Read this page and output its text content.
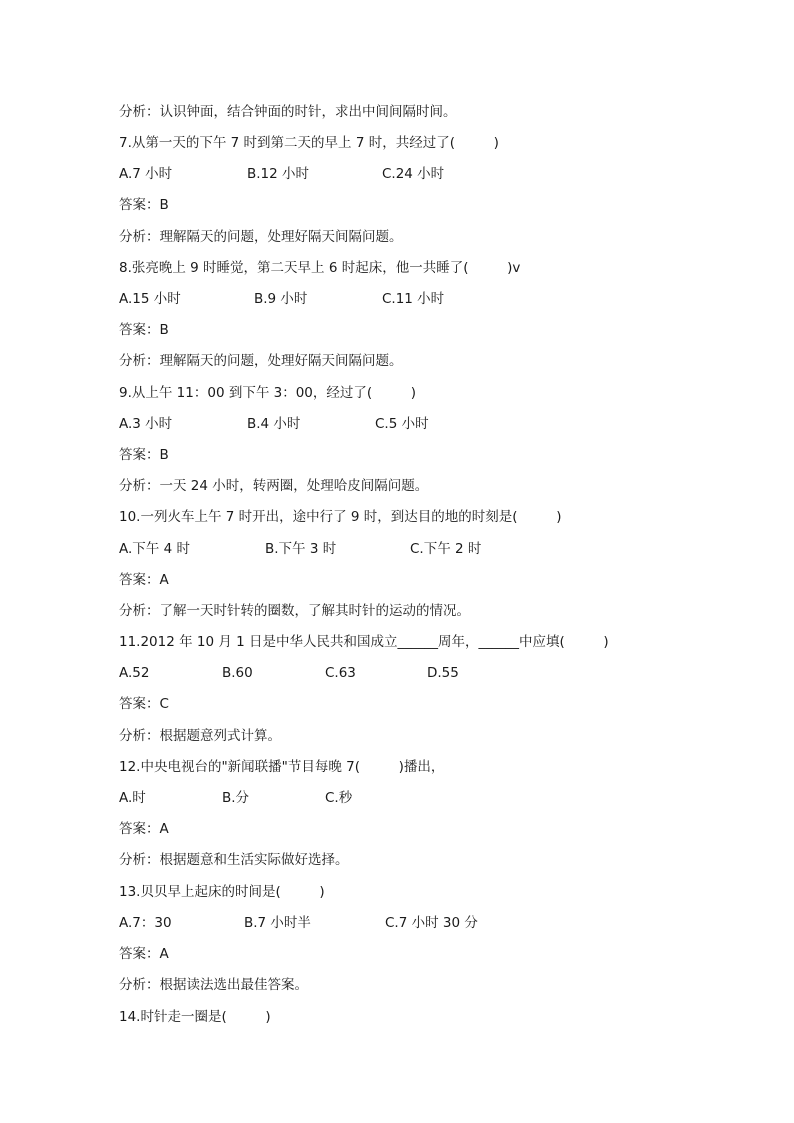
分析：认识钟面，结合钟面的时针，求出中间间隔时间。
7.从第一天的下午 7 时到第二天的早上 7 时，共经过了(         )
A.7 小时	B.12 小时	C.24 小时
答案：B
分析：理解隔天的问题，处理好隔天间隔问题。
8.张亮晚上 9 时睡觉，第二天早上 6 时起床，他一共睡了(         )v
A.15 小时	B.9 小时	C.11 小时
答案：B
分析：理解隔天的问题，处理好隔天间隔问题。
9.从上午 11：00 到下午 3：00，经过了(         )
A.3 小时	B.4 小时	C.5 小时
答案：B
分析：一天 24 小时，转两圈，处理哈皮间隔问题。
10.一列火车上午 7 时开出，途中行了 9 时，到达目的地的时刻是(         )
A.下午 4 时	B.下午 3 时	C.下午 2 时
答案：A
分析：了解一天时针转的圈数，了解其时针的运动的情况。
11.2012 年 10 月 1 日是中华人民共和国成立______周年，______中应填(         )
A.52	B.60	C.63	D.55
答案：C
分析：根据题意列式计算。
12.中央电视台的"新闻联播"节目每晚 7(         )播出，
A.时	B.分	C.秒
答案：A
分析：根据题意和生活实际做好选择。
13.贝贝早上起床的时间是(         )
A.7：30	B.7 小时半	C.7 小时 30 分
答案：A
分析：根据读法选出最佳答案。
14.时针走一圈是(         )
